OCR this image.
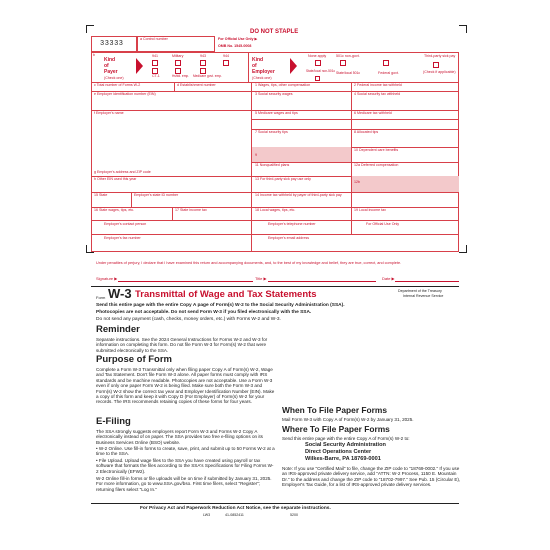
DO NOT STAPLE
33333
a Control number	For Official Use Only ▶
OMB No. 1545-0008
b
Kind
of
Payer
(Check one)
941	Military	943	944
CT-1	Hshld. emp. Medicare govt. emp.
Kind
of
Employer
(Check one)
None apply	501c non-govt.
State/local non-501c State/local 501c	Federal govt.
Third-party sick pay
(Check if applicable)
c Total number of Forms W-2	d Establishment number
e Employer identification number (EIN)
f Employer's name
g Employer's address and ZIP code
h Other EIN used this year
15 State	Employer's state ID number
16 State wages, tips, etc.	17 State income tax
Employer's contact person
Employer's fax number
1 Wages, tips, other compensation	2 Federal income tax withheld
3 Social security wages	4 Social security tax withheld
5 Medicare wages and tips	6 Medicare tax withheld
7 Social security tips	8 Allocated tips
9
10 Dependent care benefits
11 Nonqualified plans	12a Deferred compensation
13 For third-party sick pay use only
12b
14 Income tax withheld by payer of third-party sick pay
18 Local wages, tips, etc.	19 Local income tax
Employer's telephone number	For Official Use Only
Employer's email address
Under penalties of perjury, I declare that I have examined this return and accompanying documents, and, to the best of my knowledge and belief, they are true, correct, and complete.
Signature ▶	Title ▶	Date ▶
Form W-3 Transmittal of Wage and Tax Statements	Department of the Treasury
Internal Revenue Service
Send this entire page with the entire Copy A page of Form(s) W-2 to the Social Security Administration (SSA).
Photocopies are not acceptable. Do not send Form W-3 if you filed electronically with the SSA.
Do not send any payment (cash, checks, money orders, etc.) with Forms W-2 and W-3.
Reminder
Separate instructions. See the 2024 General Instructions for Forms W-2 and W-3 for information on completing this form. Do not file Form W-3 for Form(s) W-2 that were submitted electronically to the SSA.
Purpose of Form
Complete a Form W-3 Transmittal only when filing paper Copy A of Form(s) W-2, Wage and Tax Statement. Don't file Form W-3 alone. All paper forms must comply with IRS standards and be machine readable. Photocopies are not acceptable. Use a Form W-3 even if only one paper Form W-2 is being filed. Make sure both the Form W-3 and Form(s) W-2 show the correct tax year and Employer Identification Number (EIN). Make a copy of this form and keep it with Copy D (For Employer) of Form(s) W-2 for your records. The IRS recommends retaining copies of these forms for four years.
E-Filing
The SSA strongly suggests employers report Form W-3 and Forms W-2 Copy A electronically instead of on paper. The SSA provides two free e-filing options on its Business Services Online (BSO) website.
• W-2 Online. Use fill-in forms to create, save, print, and submit up to 50 Forms W-2 at a time to the SSA.
• File Upload. Upload wage files to the SSA you have created using payroll or tax software that formats the files according to the SSA's Specifications for Filing Forms W-2 Electronically (EFW2).
W-2 Online fill-in forms or file uploads will be on time if submitted by January 31, 2025. For more information, go to www.SSA.gov/bso. First time filers, select "Register"; returning filers select "Log In."
When To File Paper Forms
Mail Form W-3 with Copy A of Form(s) W-2 by January 31, 2025.
Where To File Paper Forms
Send this entire page with the entire Copy A of Form(s) W-2 to:
Social Security Administration
Direct Operations Center
Wilkes-Barre, PA 18769-0001
Note: If you use "Certified Mail" to file, change the ZIP code to "18769-0002." If you use an IRS-approved private delivery service, add "ATTN: W-2 Process, 1150 E. Mountain Dr." to the address and change the ZIP code to "18702-7997." See Pub. 15 (Circular E), Employer's Tax Guide, for a list of IRS-approved private delivery services.
For Privacy Act and Paperwork Reduction Act Notice, see the separate instructions.
LW3	41-0852411	5200
